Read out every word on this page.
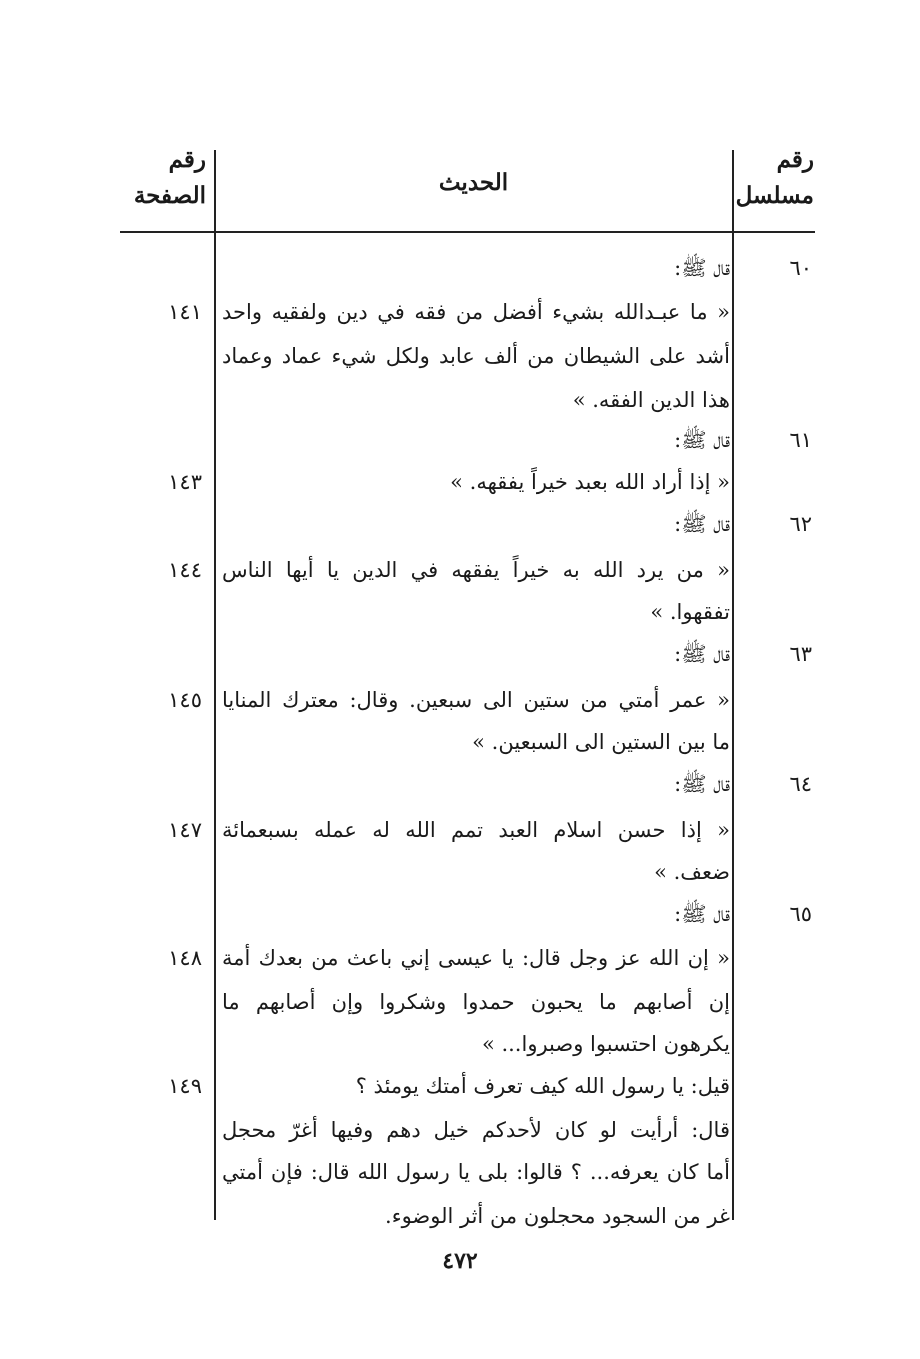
رقم
مسلسل
الحديث
رقم
الصفحة
قال ﷺ:
« ما عبـدالله بشيء أفضل من فقه في دين ولفقيه واحد
أشد على الشيطان من ألف عابد ولكل شيء عماد وعماد
هذا الدين الفقه. »
قال ﷺ:
« إذا أراد الله بعبد خيراً يفقهه. »
قال ﷺ:
« من يرد الله به خيراً يفقهه في الدين يا أيها الناس
تفقهوا. »
قال ﷺ:
« عمر أمتي من ستين الى سبعين. وقال: معترك المنايا
ما بين الستين الى السبعين. »
قال ﷺ:
« إذا حسن اسلام العبد تمم الله له عمله بسبعمائة
ضعف. »
قال ﷺ:
« إن الله عز وجل قال: يا عيسى إني باعث من بعدك أمة
إن أصابهم ما يحبون حمدوا وشكروا وإن أصابهم ما
يكرهون احتسبوا وصبروا... »
قيل: يا رسول الله كيف تعرف أمتك يومئذ ؟
قال: أرأيت لو كان لأحدكم خيل دهم وفيها أغرّ محجل
أما كان يعرفه... ؟ قالوا: بلى يا رسول الله قال: فإن أمتي
غر من السجود محجلون من أثر الوضوء.
٦٠
٦١
٦٢
٦٣
٦٤
٦٥
١٤١
١٤٣
١٤٤
١٤٥
١٤٧
١٤٨
١٤٩
٤٧٢
